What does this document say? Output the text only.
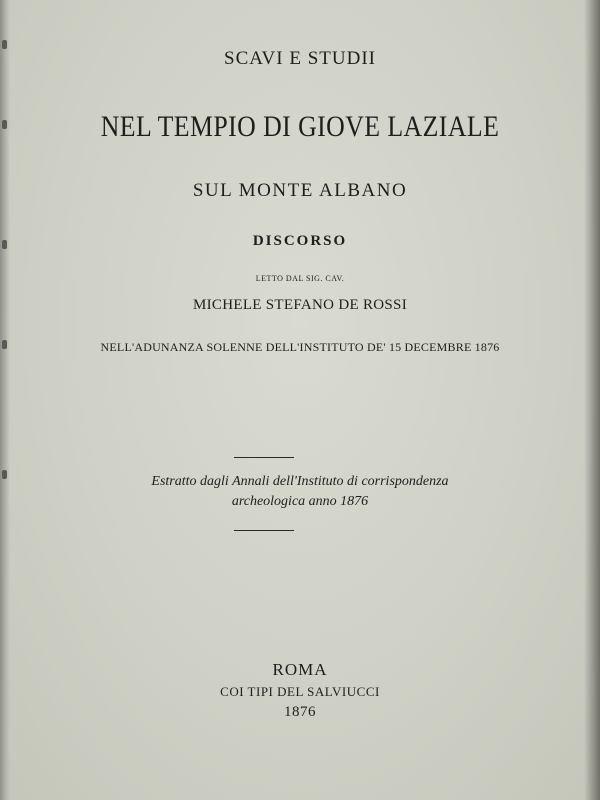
SCAVI E STUDII
NEL TEMPIO DI GIOVE LAZIALE
SUL MONTE ALBANO
DISCORSO
LETTO DAL SIG. CAV.
MICHELE STEFANO DE ROSSI
NELL'ADUNANZA SOLENNE DELL'INSTITUTO DE' 15 DECEMBRE 1876
Estratto dagli Annali dell'Instituto di corrispondenza
archeologica anno 1876
ROMA
COI TIPI DEL SALVIUCCI
1876
